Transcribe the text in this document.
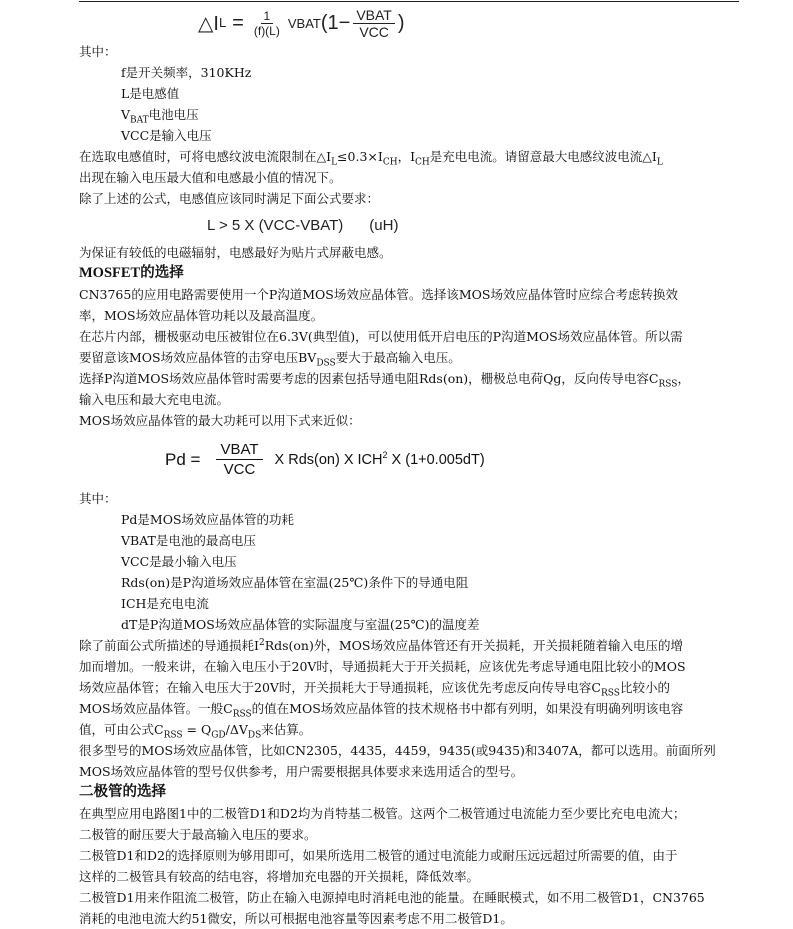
△I $L = \frac{1}{(f)(L)}$ VBAT ($1- \frac{\text{VBAT}}{\text{VCC}}$ )
其中：
f是开关频率，310KHz
L是电感值
$V_{BAT}$电池电压
VCC是输入电压
在选取电感值时，可将电感纹波电流限制在$\triangle I_L\le 0.3\times I_{CH}$，$I_{CH}$是充电电流。请留意最大电感纹波电流$\triangle I_L$
出现在输入电压最大值和电感最小值的情况下。
除了上述的公式，电感值应该同时满足下面公式要求：
L > 5 X (VCC-VBAT) (uH)
为保证有较低的电磁辐射，电感最好为贴片式屏蔽电感。
MOSFET的选择
CN3765的应用电路需要使用一个P沟道MOS场效应晶体管。选择该MOS场效应晶体管时应综合考虑转换效
率，MOS场效应晶体管功耗以及最高温度。
在芯片内部，栅极驱动电压被钳位在6.3V(典型值)，可以使用低开启电压的P沟道MOS场效应晶体管。所以需
要留意该MOS场效应晶体管的击穿电压$BV_{DSS}$要大于最高输入电压。
选择P沟道MOS场效应晶体管时需要考虑的因素包括导通电阻Rds(on)，栅极总电荷Qg，反向传导电容$C_{RSS}$，
输入电压和最大充电电流。
MOS场效应晶体管的最大功耗可以用下式来近似：
$Pd = \frac{\text{VBAT}}{\text{VCC}}$ X Rds(on) X ICH$^2$ X (1+0.005dT)
其中：
Pd是MOS场效应晶体管的功耗
VBAT是电池的最高电压
VCC是最小输入电压
Rds(on)是P沟道场效应晶体管在室温(25℃)条件下的导通电阻
ICH是充电电流
dT是P沟道MOS场效应晶体管的实际温度与室温(25℃)的温度差
除了前面公式所描述的导通损耗$I^2Rds(on)$外，MOS场效应晶体管还有开关损耗，开关损耗随着输入电压的增
加而增加。一般来讲，在输入电压小于20V时，导通损耗大于开关损耗，应该优先考虑导通电阻比较小的MOS
场效应晶体管；在输入电压大于20V时，开关损耗大于导通损耗，应该优先考虑反向传导电容$C_{RSS}$比较小的
MOS场效应晶体管。一般$C_{RSS}$的值在MOS场效应晶体管的技术规格书中都有列明，如果没有明确列明该电容
值，可由公式$C_{RSS} = Q_{GD}/\Delta V_{DS}$来估算。
很多型号的MOS场效应晶体管，比如CN2305，4435，4459，9435(或9435)和3407A，都可以选用。前面所列
MOS场效应晶体管的型号仅供参考，用户需要根据具体要求来选用适合的型号。
二极管的选择
在典型应用电路图1中的二极管D1和D2均为肖特基二极管。这两个二极管通过电流能力至少要比充电电流大；
二极管的耐压要大于最高输入电压的要求。
二极管D1和D2的选择原则为够用即可，如果所选用二极管的通过电流能力或耐压远远超过所需要的值，由于
这样的二极管具有较高的结电容，将增加充电器的开关损耗，降低效率。
二极管D1用来作阻流二极管，防止在输入电源掉电时消耗电池的能量。在睡眠模式，如不用二极管D1，CN3765
消耗的电池电流大约51微安，所以可根据电池容量等因素考虑不用二极管D1。
